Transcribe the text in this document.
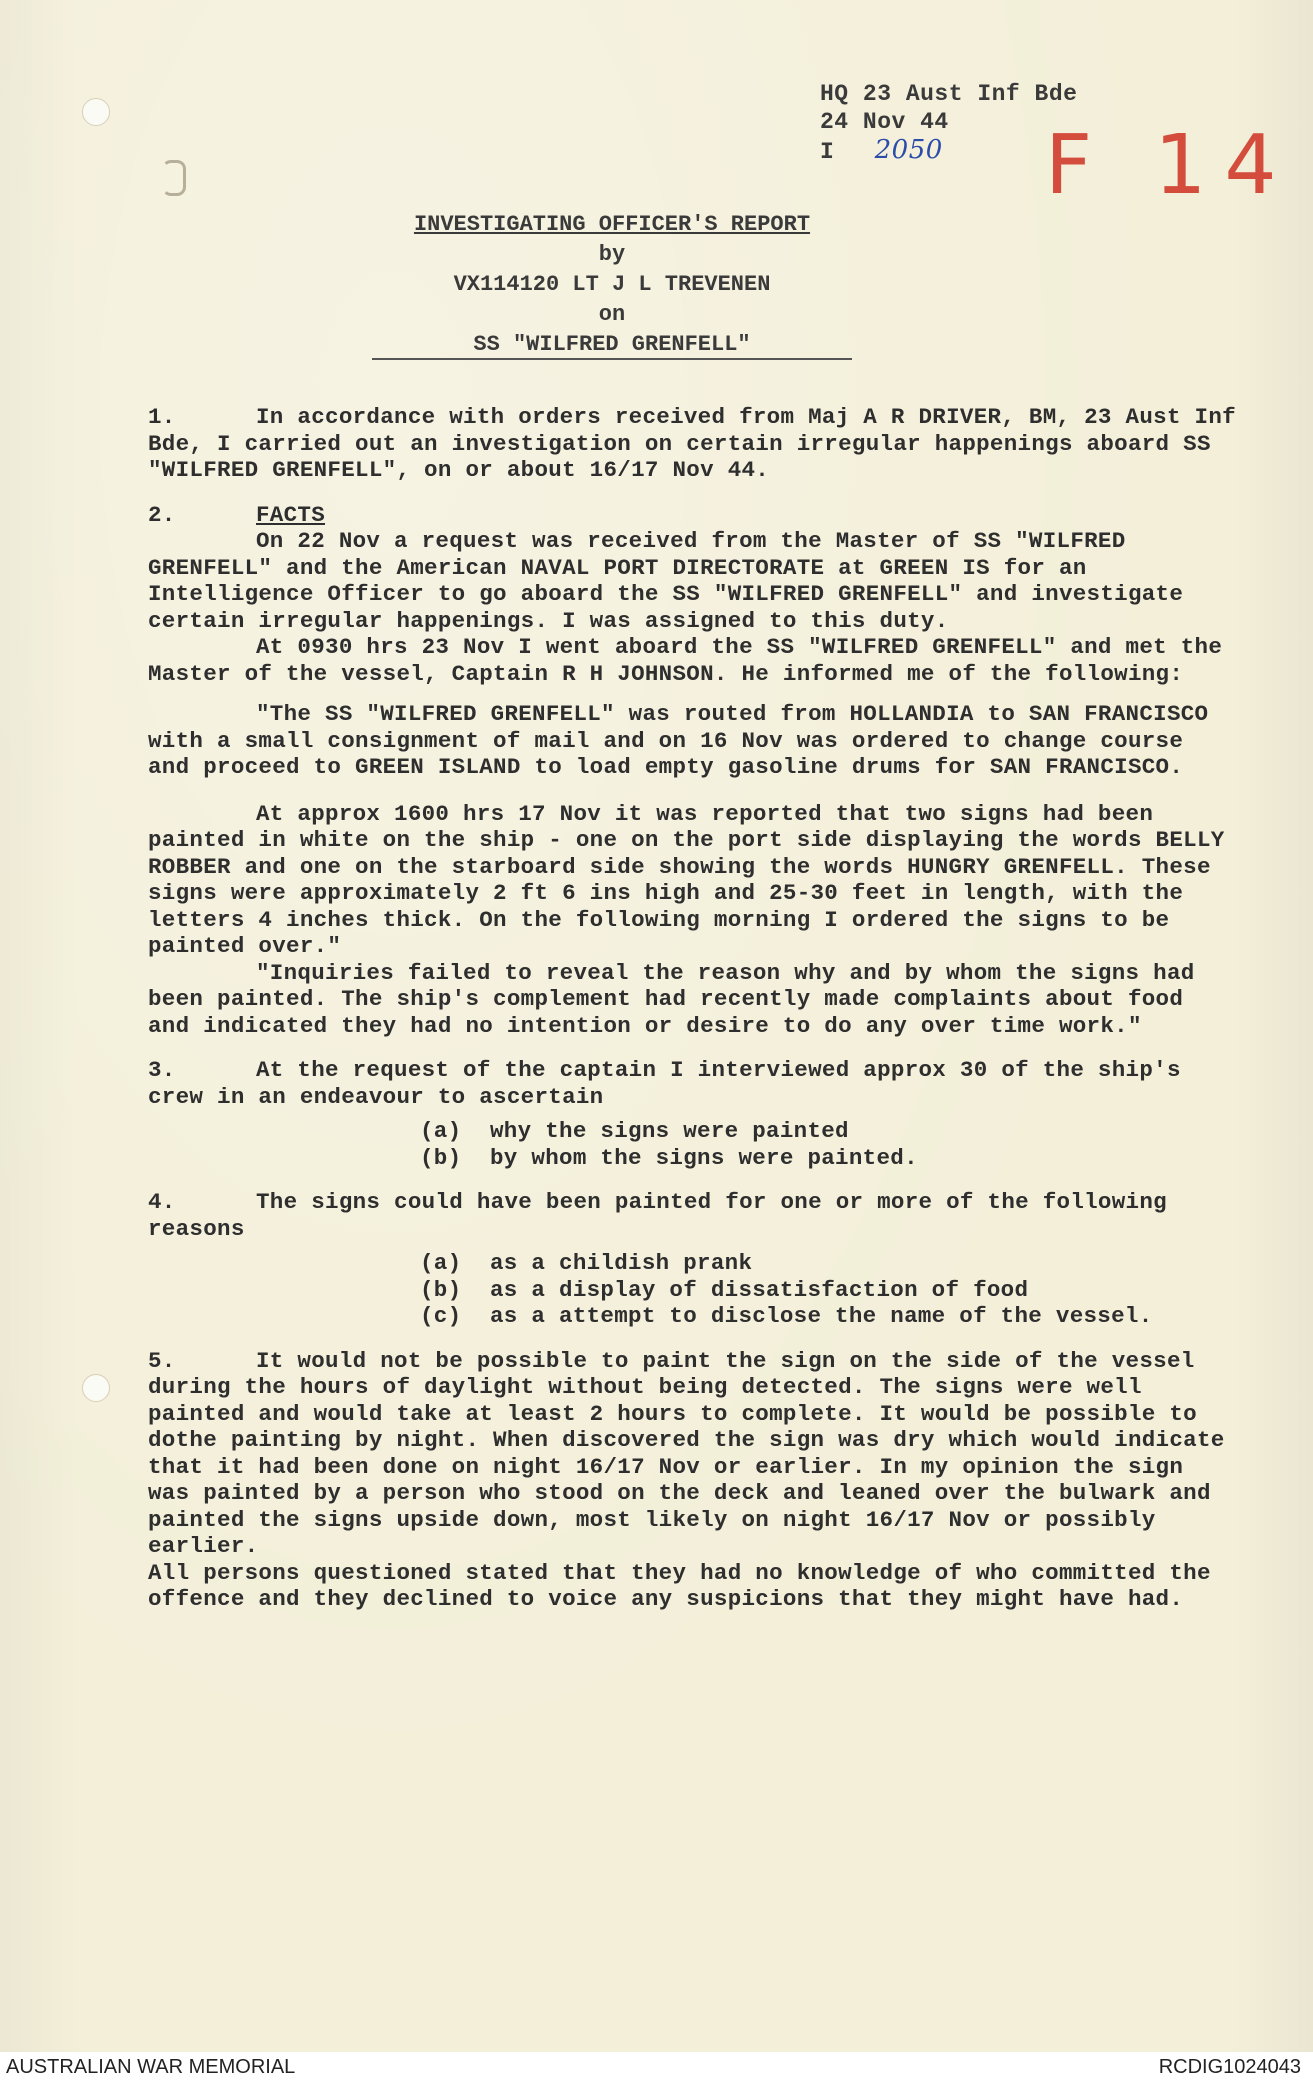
HQ 23 Aust Inf Bde
24 Nov 44
I 2050	F 14
INVESTIGATING OFFICER'S REPORT
by
VX114120 LT J L TREVENEN
on
SS "WILFRED GRENFELL"

1.	In accordance with orders received from Maj A R DRIVER, BM, 23 Aust Inf Bde, I carried out an investigation on certain irregular happenings aboard SS "WILFRED GRENFELL", on or about 16/17 Nov 44.

2.	FACTS

On 22 Nov a request was received from the Master of SS "WILFRED GRENFELL" and the American NAVAL PORT DIRECTORATE at GREEN IS for an Intelligence Officer to go aboard the SS "WILFRED GRENFELL" and investigate certain irregular happenings. I was assigned to this duty.

At 0930 hrs 23 Nov I went aboard the SS "WILFRED GRENFELL" and met the Master of the vessel, Captain R H JOHNSON. He informed me of the following:

"The SS "WILFRED GRENFELL" was routed from HOLLANDIA to SAN FRANCISCO with a small consignment of mail and on 16 Nov was ordered to change course and proceed to GREEN ISLAND to load empty gasoline drums for SAN FRANCISCO.

At approx 1600 hrs 17 Nov it was reported that two signs had been painted in white on the ship - one on the port side displaying the words BELLY ROBBER and one on the starboard side showing the words HUNGRY GRENFELL. These signs were approximately 2 ft 6 ins high and 25-30 feet in length, with the letters 4 inches thick. On the following morning I ordered the signs to be painted over."

"Inquiries failed to reveal the reason why and by whom the signs had been painted. The ship's complement had recently made complaints about food and indicated they had no intention or desire to do any over time work."

3.	At the request of the captain I interviewed approx 30 of the ship's crew in an endeavour to ascertain

(a) why the signs were painted
(b) by whom the signs were painted.

4.	The signs could have been painted for one or more of the following reasons

(a) as a childish prank
(b) as a display of dissatisfaction of food
(c) as a attempt to disclose the name of the vessel.

5.	It would not be possible to paint the sign on the side of the vessel during the hours of daylight without being detected. The signs were well painted and would take at least 2 hours to complete. It would be possible to dothe painting by night. When discovered the sign was dry which would indicate that it had been done on night 16/17 Nov or earlier. In my opinion the sign was painted by a person who stood on the deck and leaned over the bulwark and painted the signs upside down, most likely on night 16/17 Nov or possibly earlier.

All persons questioned stated that they had no knowledge of who committed the offence and they declined to voice any suspicions that they might have had.

AUSTRALIAN WAR MEMORIAL	RCDIG1024043
